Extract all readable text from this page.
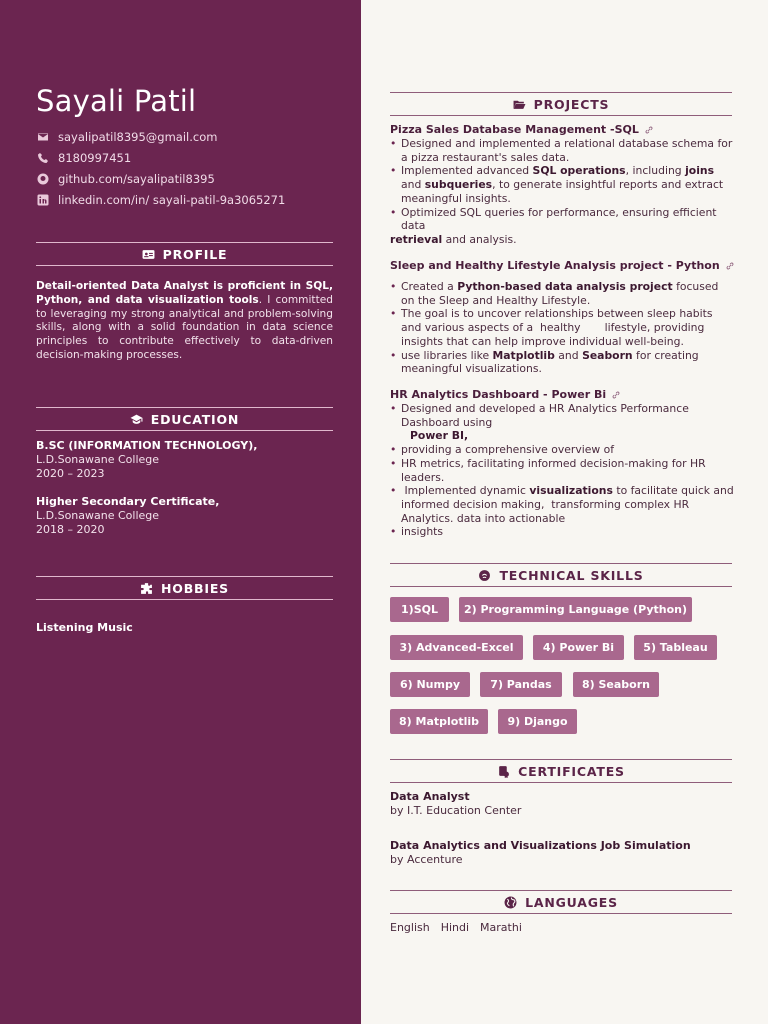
Sayali Patil
sayalipatil8395@gmail.com
8180997451
github.com/sayalipatil8395
linkedin.com/in/ sayali-patil-9a3065271
PROFILE
Detail-oriented Data Analyst is proficient in SQL, Python, and data visualization tools. I committed to leveraging my strong analytical and problem-solving skills, along with a solid foundation in data science principles to contribute effectively to data-driven decision-making processes.
EDUCATION
B.SC (INFORMATION TECHNOLOGY),
L.D.Sonawane College
2020 – 2023
Higher Secondary Certificate,
L.D.Sonawane College
2018 – 2020
HOBBIES
Listening Music
PROJECTS
Pizza Sales Database Management -SQL
• Designed and implemented a relational database schema for a pizza restaurant's sales data.
• Implemented advanced SQL operations, including joins and subqueries, to generate insightful reports and extract meaningful insights.
• Optimized SQL queries for performance, ensuring efficient data
retrieval and analysis.
Sleep and Healthy Lifestyle Analysis project - Python
• Created a Python-based data analysis project focused on the Sleep and Healthy Lifestyle.
• The goal is to uncover relationships between sleep habits and various aspects of a  healthy       lifestyle, providing insights that can help improve individual well-being.
• use libraries like Matplotlib and Seaborn for creating meaningful visualizations.
HR Analytics Dashboard - Power Bi
• Designed and developed a HR Analytics Performance Dashboard using
Power BI,
• providing a comprehensive overview of
• HR metrics, facilitating informed decision-making for HR leaders.
•  Implemented dynamic visualizations to facilitate quick and informed decision making,  transforming complex HR Analytics. data into actionable
• insights
TECHNICAL SKILLS
1)SQL	2) Programming Language (Python)
3) Advanced-Excel	4) Power Bi	5) Tableau
6) Numpy	7) Pandas	8) Seaborn
8) Matplotlib	9) Django
CERTIFICATES
Data Analyst
by I.T. Education Center
Data Analytics and Visualizations Job Simulation
by Accenture
LANGUAGES
English  Hindi  Marathi
